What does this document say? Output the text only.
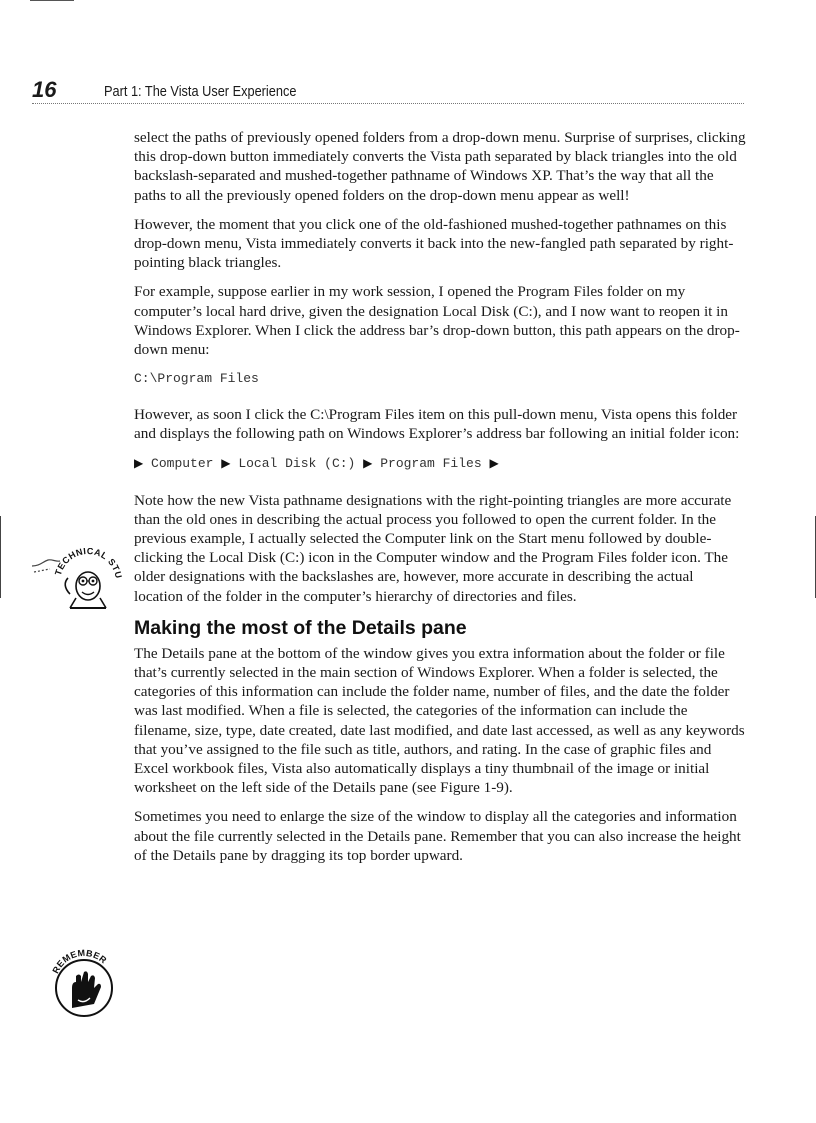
16	Part 1: The Vista User Experience

select the paths of previously opened folders from a drop-down menu. Surprise of surprises, clicking this drop-down button immediately converts the Vista path separated by black triangles into the old backslash-separated and mushed-together pathname of Windows XP. That’s the way that all the paths to all the previously opened folders on the drop-down menu appear as well!

However, the moment that you click one of the old-fashioned mushed-together pathnames on this drop-down menu, Vista immediately converts it back into the new-fangled path separated by right-pointing black triangles.

For example, suppose earlier in my work session, I opened the Program Files folder on my computer’s local hard drive, given the designation Local Disk (C:), and I now want to reopen it in Windows Explorer. When I click the address bar’s drop-down button, this path appears on the drop-down menu:

C:\Program Files

However, as soon I click the C:\Program Files item on this pull-down menu, Vista opens this folder and displays the following path on Windows Explorer’s address bar following an initial folder icon:

▶ Computer ▶ Local Disk (C:) ▶ Program Files ▶

Note how the new Vista pathname designations with the right-pointing triangles are more accurate than the old ones in describing the actual process you followed to open the current folder. In the previous example, I actually selected the Computer link on the Start menu followed by double-clicking the Local Disk (C:) icon in the Computer window and the Program Files folder icon. The older designations with the backslashes are, however, more accurate in describing the actual location of the folder in the computer’s hierarchy of directories and files.

Making the most of the Details pane

The Details pane at the bottom of the window gives you extra information about the folder or file that’s currently selected in the main section of Windows Explorer. When a folder is selected, the categories of this information can include the folder name, number of files, and the date the folder was last modified. When a file is selected, the categories of the information can include the filename, size, type, date created, date last modified, and date last accessed, as well as any keywords that you’ve assigned to the file such as title, authors, and rating. In the case of graphic files and Excel workbook files, Vista also automatically displays a tiny thumbnail of the image or initial worksheet on the left side of the Details pane (see Figure 1-9).

Sometimes you need to enlarge the size of the window to display all the categories and information about the file currently selected in the Details pane. Remember that you can also increase the height of the Details pane by dragging its top border upward.

TECHNICAL ST
REMEMBER
